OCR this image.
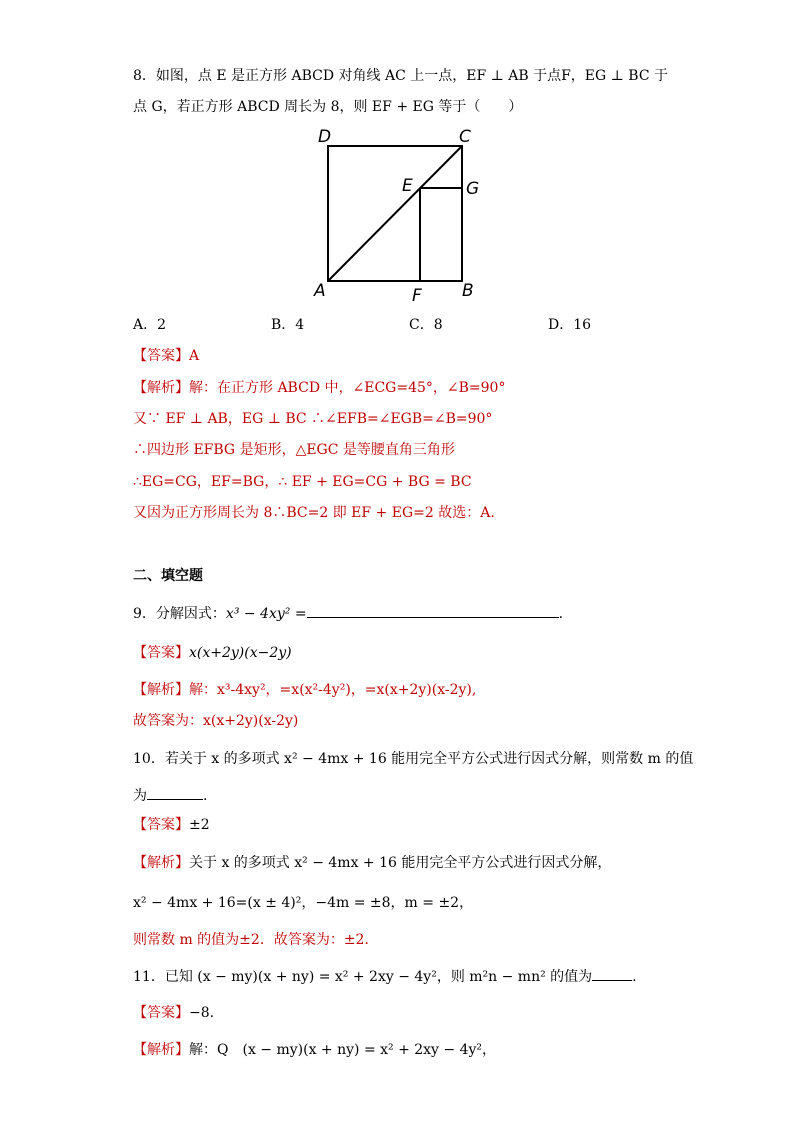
8．如图，点 E 是正方形 ABCD 对角线 AC 上一点，EF ⊥ AB 于点F，EG ⊥ BC 于
点 G，若正方形 ABCD 周长为 8，则 EF + EG 等于（　　）
D	C
E	G
A	F B
A．2	B．4	C．8	D．16
【答案】A
【解析】解：在正方形 ABCD 中，∠ECG=45°，∠B=90°
又∵ EF ⊥ AB，EG ⊥ BC ∴∠EFB=∠EGB=∠B=90°
∴四边形 EFBG 是矩形，△EGC 是等腰直角三角形
∴EG=CG，EF=BG，∴ EF + EG=CG + BG = BC
又因为正方形周长为 8∴BC=2 即 EF + EG=2 故选：A.
二、填空题
9．分解因式：x³ − 4xy² =	.
【答案】x(x+2y)(x−2y)
【解析】解：x³-4xy²，=x(x²-4y²)，=x(x+2y)(x-2y),
故答案为：x(x+2y)(x-2y)
10．若关于 x 的多项式 x² − 4mx + 16 能用完全平方公式进行因式分解，则常数 m 的值
为	.
【答案】±2
【解析】关于 x 的多项式 x² − 4mx + 16 能用完全平方公式进行因式分解，
x² − 4mx + 16=(x ± 4)²，−4m = ±8，m = ±2，
则常数 m 的值为±2．故答案为：±2．
11．已知 (x − my)(x + ny) = x² + 2xy − 4y²，则 m²n − mn² 的值为	.
【答案】−8.
【解析】解：Q　(x − my)(x + ny) = x² + 2xy − 4y²，
